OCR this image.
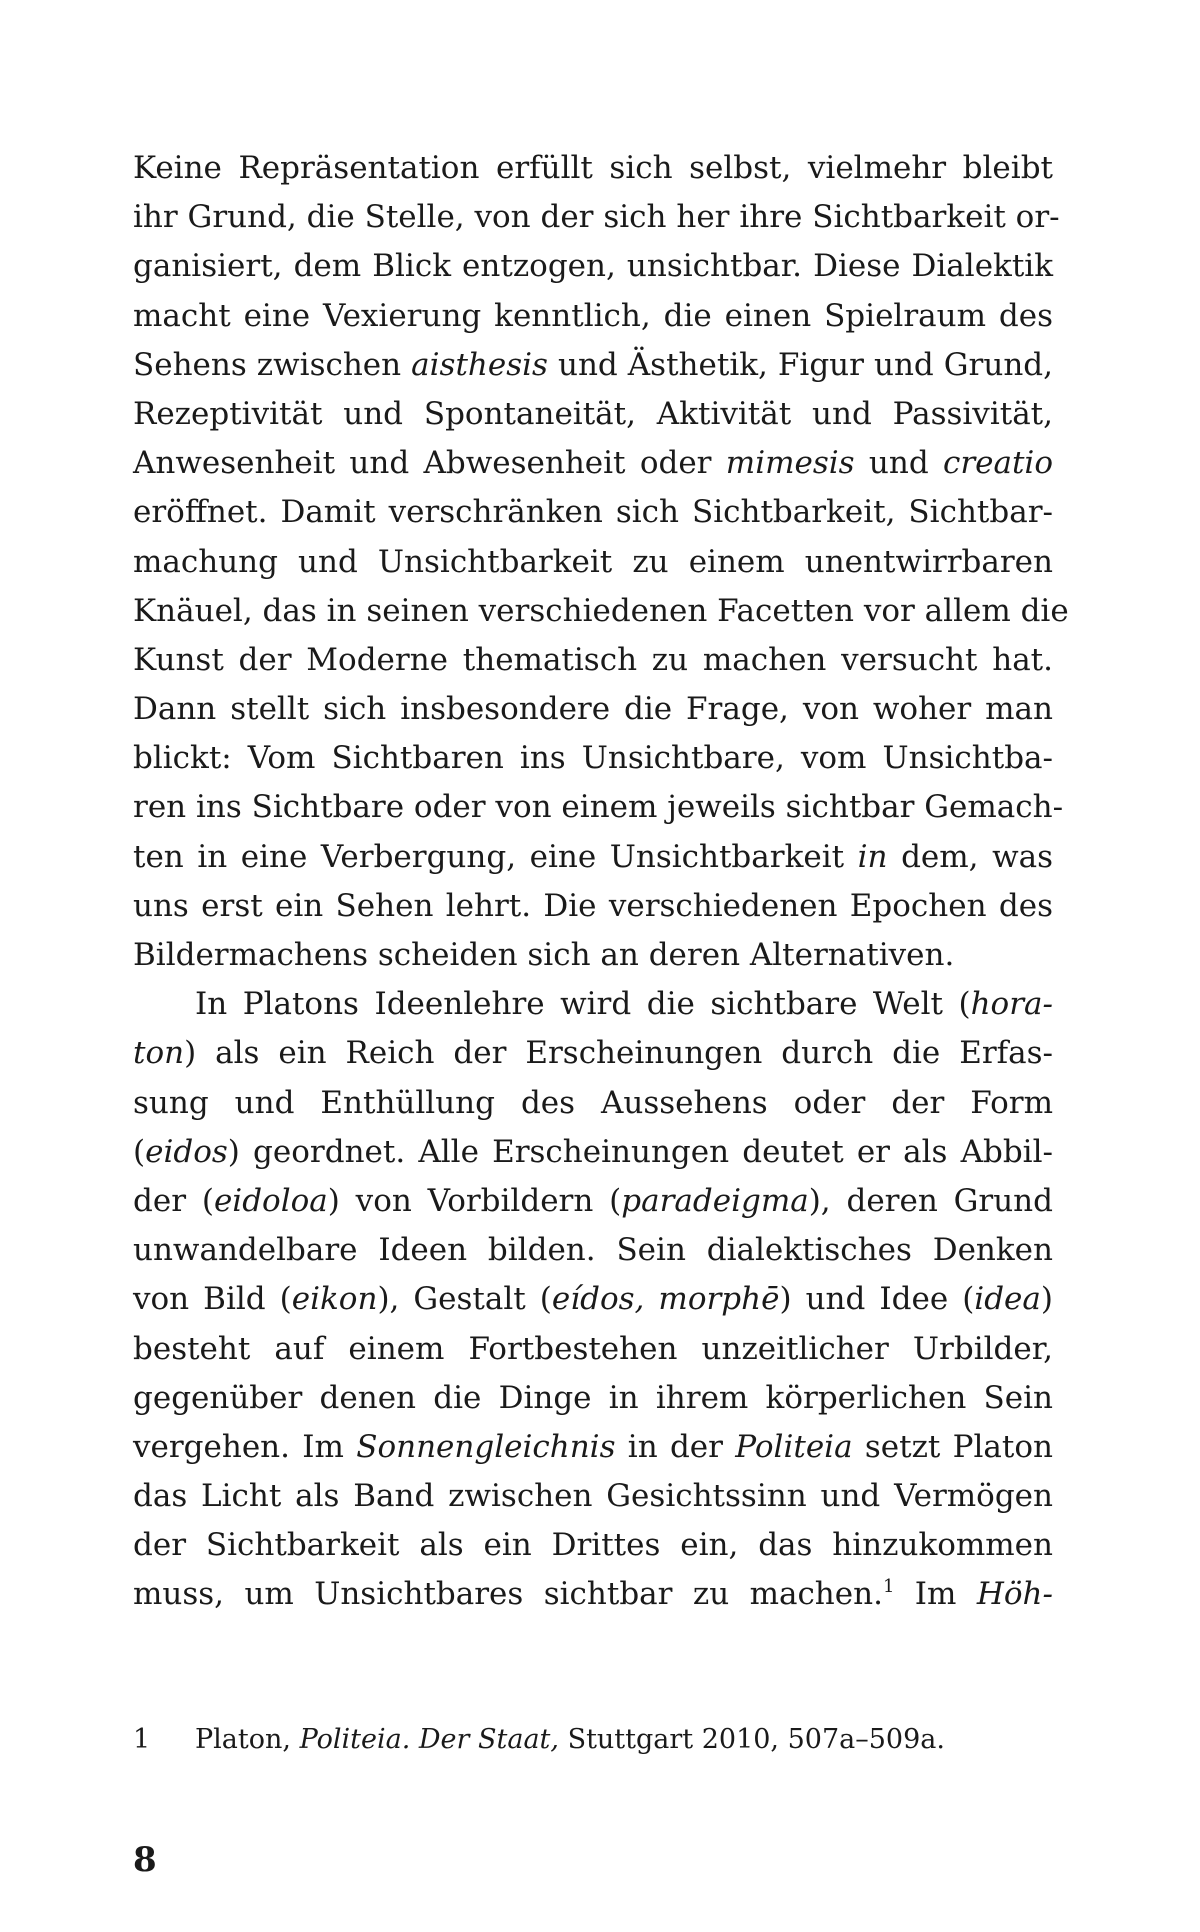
Keine Repräsentation erfüllt sich selbst, vielmehr bleibt
ihr Grund, die Stelle, von der sich her ihre Sichtbarkeit or-
ganisiert, dem Blick entzogen, unsichtbar. Diese Dialektik
macht eine Vexierung kenntlich, die einen Spielraum des
Sehens zwischen aisthesis und Ästhetik, Figur und Grund,
Rezeptivität und Spontaneität, Aktivität und Passivität,
Anwesenheit und Abwesenheit oder mimesis und creatio
eröffnet. Damit verschränken sich Sichtbarkeit, Sichtbar-
machung und Unsichtbarkeit zu einem unentwirrbaren
Knäuel, das in seinen verschiedenen Facetten vor allem die
Kunst der Moderne thematisch zu machen versucht hat.
Dann stellt sich insbesondere die Frage, von woher man
blickt: Vom Sichtbaren ins Unsichtbare, vom Unsichtba-
ren ins Sichtbare oder von einem jeweils sichtbar Gemach-
ten in eine Verbergung, eine Unsichtbarkeit in dem, was
uns erst ein Sehen lehrt. Die verschiedenen Epochen des
Bildermachens scheiden sich an deren Alternativen.
In Platons Ideenlehre wird die sichtbare Welt (hora-
ton) als ein Reich der Erscheinungen durch die Erfas-
sung und Enthüllung des Aussehens oder der Form
(eidos) geordnet. Alle Erscheinungen deutet er als Abbil-
der (eidoloa) von Vorbildern (paradeigma), deren Grund
unwandelbare Ideen bilden. Sein dialektisches Denken
von Bild (eikon), Gestalt (eídos, morphē) und Idee (idea)
besteht auf einem Fortbestehen unzeitlicher Urbilder,
gegenüber denen die Dinge in ihrem körperlichen Sein
vergehen. Im Sonnengleichnis in der Politeia setzt Platon
das Licht als Band zwischen Gesichtssinn und Vermögen
der Sichtbarkeit als ein Drittes ein, das hinzukommen
muss, um Unsichtbares sichtbar zu machen.$^1$ Im Höh-
1 Platon, Politeia. Der Staat, Stuttgart 2010, 507a–509a.
8
